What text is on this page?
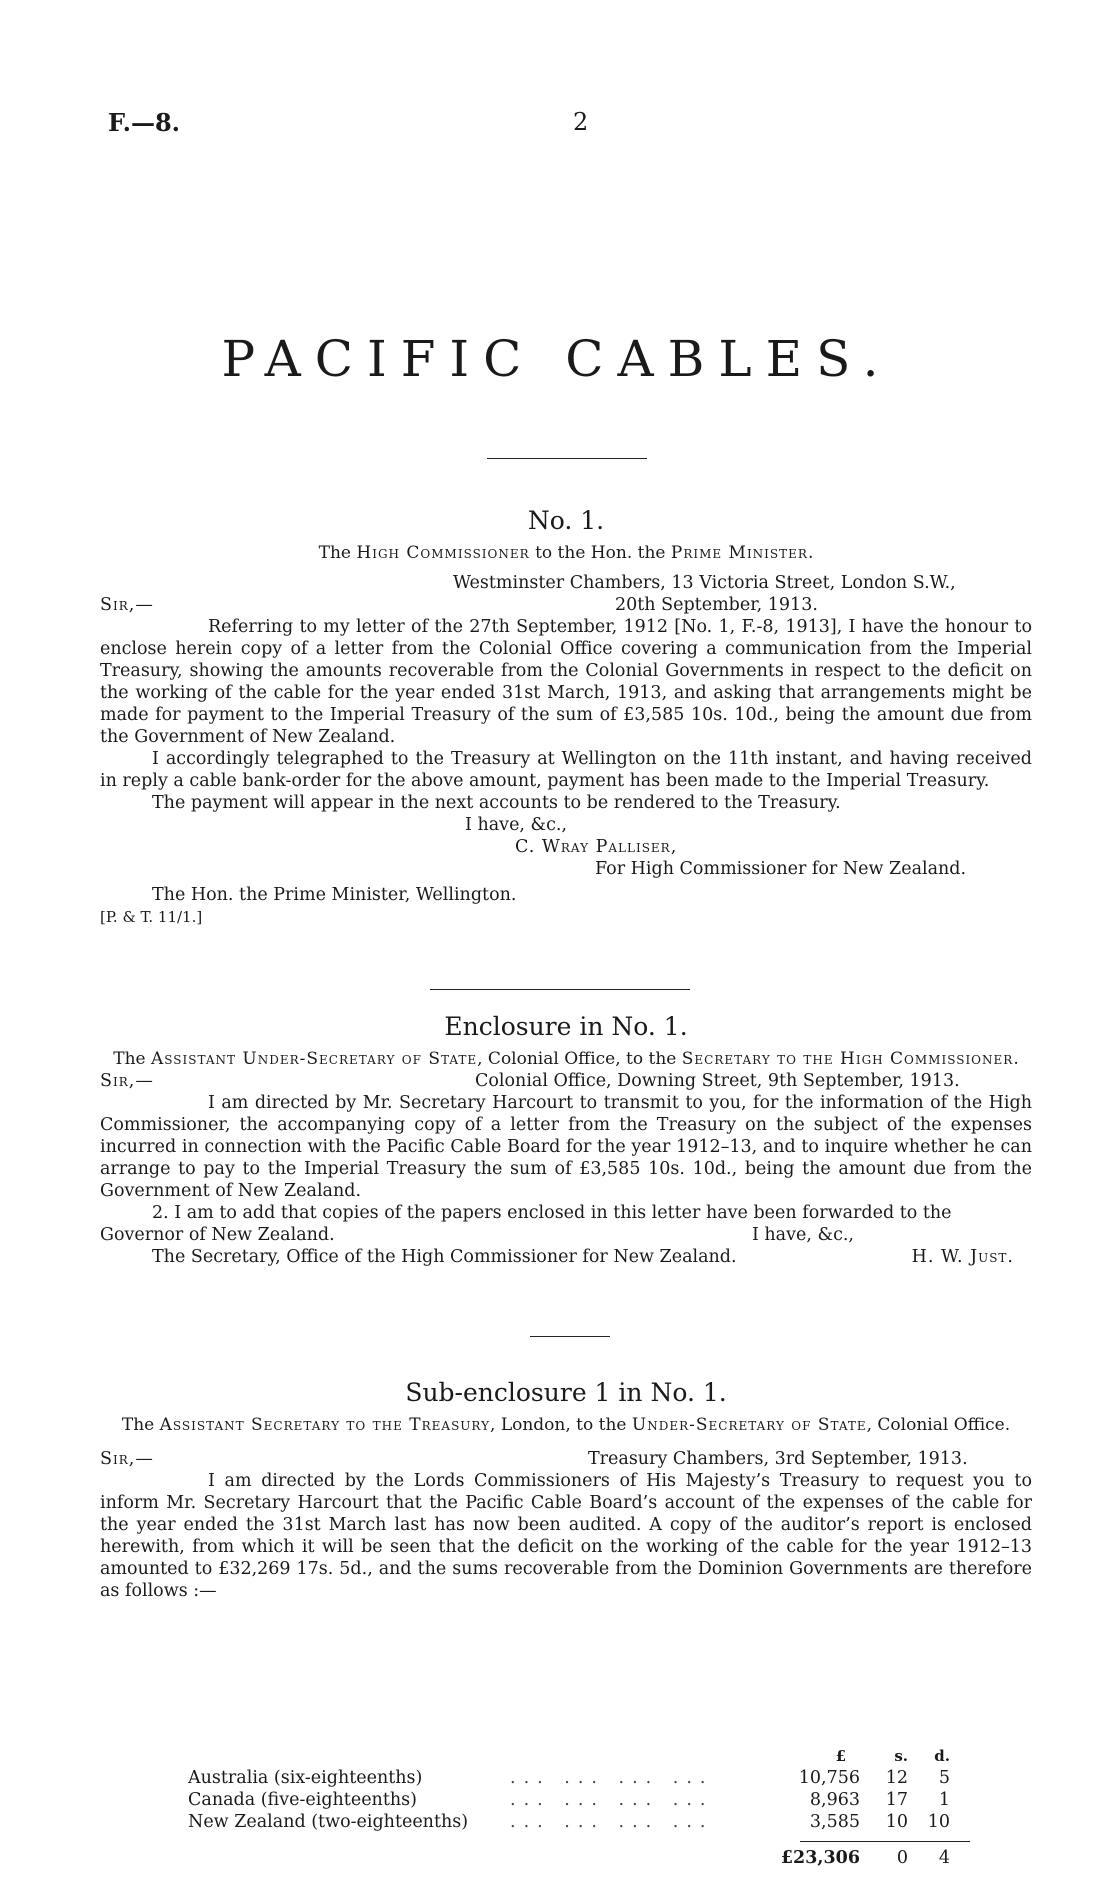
F.—8.	2
PACIFIC CABLES.
No. 1.
The High Commissioner to the Hon. the Prime Minister.
Westminster Chambers, 13 Victoria Street, London S.W.,
Sir,—	20th September, 1913.

Referring to my letter of the 27th September, 1912 [No. 1, F.-8, 1913], I have the honour to enclose herein copy of a letter from the Colonial Office covering a communication from the Imperial Treasury, showing the amounts recoverable from the Colonial Governments in respect to the deficit on the working of the cable for the year ended 31st March, 1913, and asking that arrangements might be made for payment to the Imperial Treasury of the sum of £3,585 10s. 10d., being the amount due from the Government of New Zealand.

I accordingly telegraphed to the Treasury at Wellington on the 11th instant, and having received in reply a cable bank-order for the above amount, payment has been made to the Imperial Treasury.

The payment will appear in the next accounts to be rendered to the Treasury.

I have, &c.,
C. Wray Palliser,
For High Commissioner for New Zealand.
The Hon. the Prime Minister, Wellington.
[P. & T. 11/1.]
Enclosure in No. 1.
The Assistant Under-Secretary of State, Colonial Office, to the Secretary to the High Commissioner.
Sir,—	Colonial Office, Downing Street, 9th September, 1913.

I am directed by Mr. Secretary Harcourt to transmit to you, for the information of the High Commissioner, the accompanying copy of a letter from the Treasury on the subject of the expenses incurred in connection with the Pacific Cable Board for the year 1912–13, and to inquire whether he can arrange to pay to the Imperial Treasury the sum of £3,585 10s. 10d., being the amount due from the Government of New Zealand.

2. I am to add that copies of the papers enclosed in this letter have been forwarded to the

Governor of New Zealand.	I have, &c.,
The Secretary, Office of the High Commissioner for New Zealand.	H. W. Just.
Sub-enclosure 1 in No. 1.
The Assistant Secretary to the Treasury, London, to the Under-Secretary of State, Colonial Office.
Sir,—	Treasury Chambers, 3rd September, 1913.

I am directed by the Lords Commissioners of His Majesty’s Treasury to request you to inform Mr. Secretary Harcourt that the Pacific Cable Board’s account of the expenses of the cable for the year ended the 31st March last has now been audited. A copy of the auditor’s report is enclosed herewith, from which it will be seen that the deficit on the working of the cable for the year 1912–13 amounted to £32,269 17s. 5d., and the sums recoverable from the Dominion Governments are therefore as follows :—

£	s.	d.
Australia (six-eighteenths)	... ... ... ...	10,756	12	5
Canada (five-eighteenths)	... ... ... ...	8,963	17	1
New Zealand (two-eighteenths) ... ... ... ...	3,585	10	10
£23,306	0	4
